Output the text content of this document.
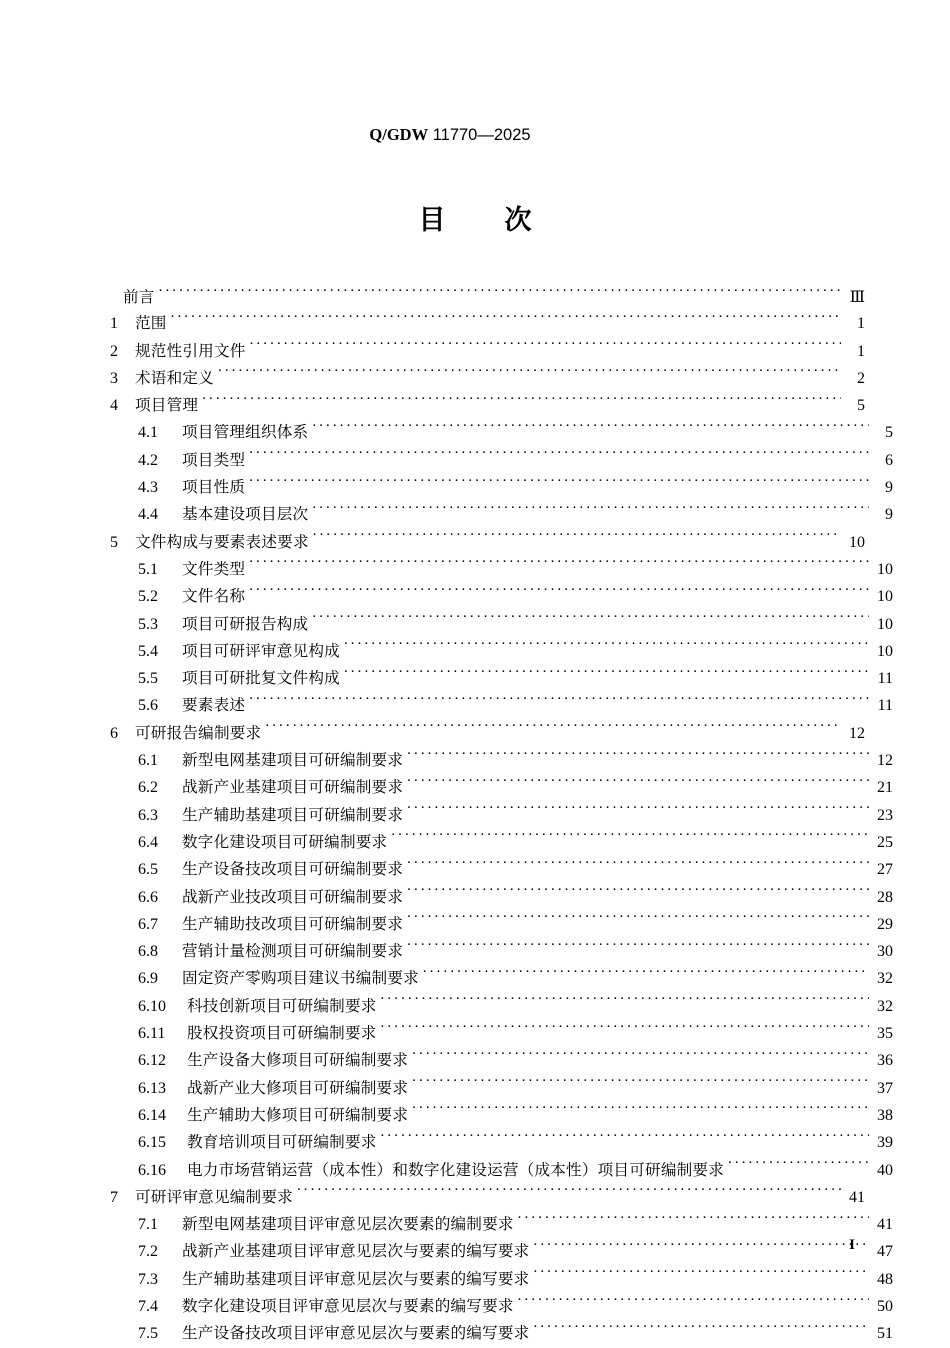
Q/GDW 11770—2025
目　次
前言 .....	Ⅲ
1	范围 .....	1
2	规范性引用文件 .....	1
3	术语和定义 .....	2
4	项目管理 .....	5
4.1	项目管理组织体系 .....	5
4.2	项目类型 .....	6
4.3	项目性质 .....	9
4.4	基本建设项目层次 .....	9
5	文件构成与要素表述要求 .....	10
5.1	文件类型 .....	10
5.2	文件名称 .....	10
5.3	项目可研报告构成 .....	10
5.4	项目可研评审意见构成 .....	10
5.5	项目可研批复文件构成 .....	11
5.6	要素表述 .....	11
6	可研报告编制要求 .....	12
6.1	新型电网基建项目可研编制要求 .....	12
6.2	战新产业基建项目可研编制要求 .....	21
6.3	生产辅助基建项目可研编制要求 .....	23
6.4	数字化建设项目可研编制要求 .....	25
6.5	生产设备技改项目可研编制要求 .....	27
6.6	战新产业技改项目可研编制要求 .....	28
6.7	生产辅助技改项目可研编制要求 .....	29
6.8	营销计量检测项目可研编制要求 .....	30
6.9	固定资产零购项目建议书编制要求 .....	32
6.10	科技创新项目可研编制要求 .....	32
6.11	股权投资项目可研编制要求 .....	35
6.12	生产设备大修项目可研编制要求 .....	36
6.13	战新产业大修项目可研编制要求 .....	37
6.14	生产辅助大修项目可研编制要求 .....	38
6.15	教育培训项目可研编制要求 .....	39
6.16	电力市场营销运营（成本性）和数字化建设运营（成本性）项目可研编制要求 .....	40
7	可研评审意见编制要求 .....	41
7.1	新型电网基建项目评审意见层次要素的编制要求 .....	41
7.2	战新产业基建项目评审意见层次与要素的编写要求 .....	47
7.3	生产辅助基建项目评审意见层次与要素的编写要求 .....	48
7.4	数字化建设项目评审意见层次与要素的编写要求 .....	50
7.5	生产设备技改项目评审意见层次与要素的编写要求 .....	51
I
